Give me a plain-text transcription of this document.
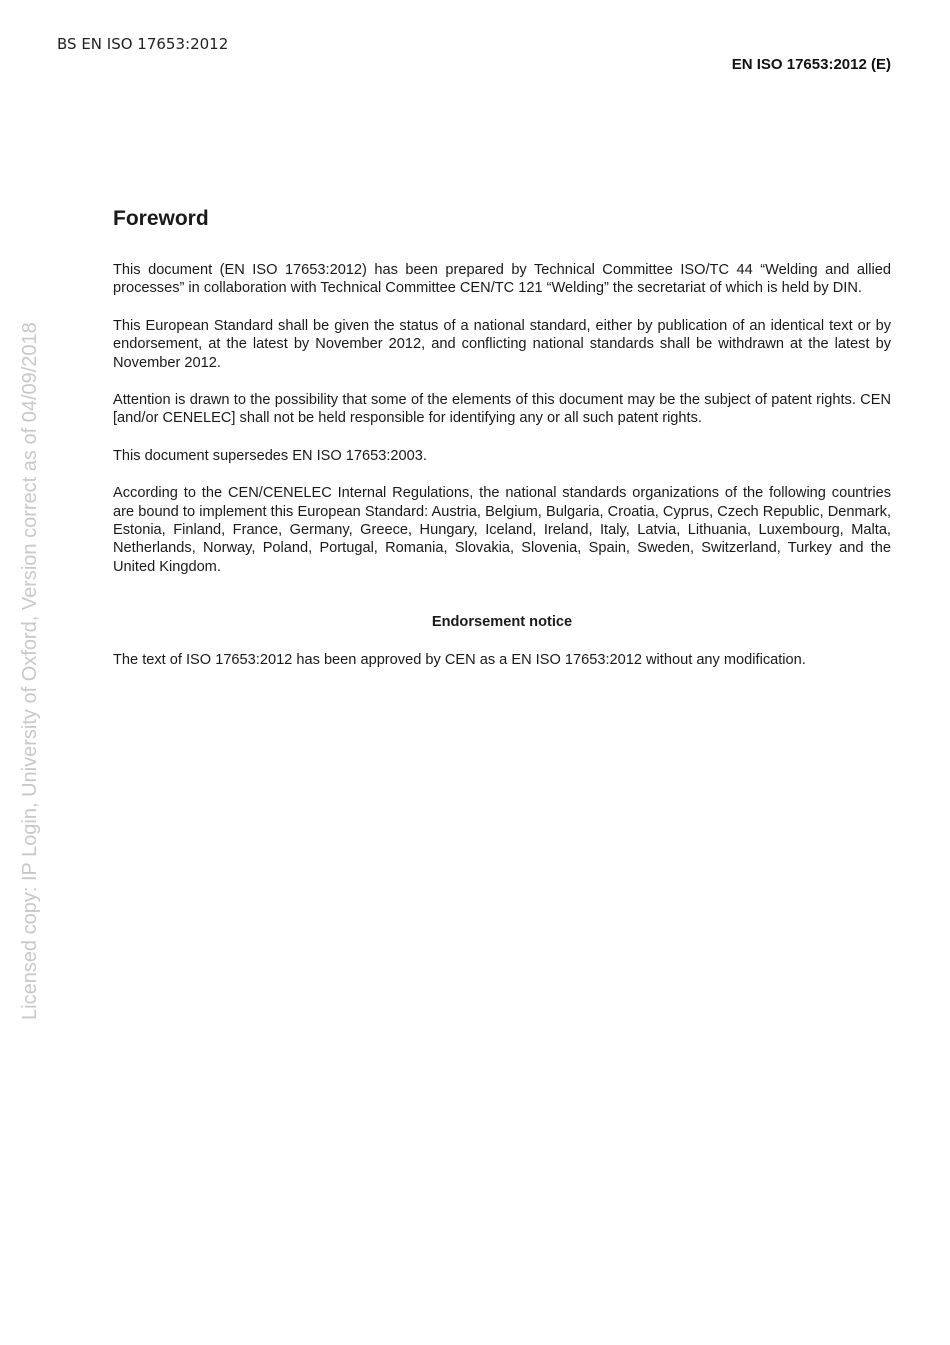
BS EN ISO 17653:2012
EN ISO 17653:2012 (E)
Licensed copy: IP Login, University of Oxford, Version correct as of 04/09/2018
Foreword

This document (EN ISO 17653:2012) has been prepared by Technical Committee ISO/TC 44 “Welding and allied processes” in collaboration with Technical Committee CEN/TC 121 “Welding” the secretariat of which is held by DIN.

This European Standard shall be given the status of a national standard, either by publication of an identical text or by endorsement, at the latest by November 2012, and conflicting national standards shall be withdrawn at the latest by November 2012.

Attention is drawn to the possibility that some of the elements of this document may be the subject of patent rights. CEN [and/or CENELEC] shall not be held responsible for identifying any or all such patent rights.

This document supersedes EN ISO 17653:2003.

According to the CEN/CENELEC Internal Regulations, the national standards organizations of the following countries are bound to implement this European Standard: Austria, Belgium, Bulgaria, Croatia, Cyprus, Czech Republic, Denmark, Estonia, Finland, France, Germany, Greece, Hungary, Iceland, Ireland, Italy, Latvia, Lithuania, Luxembourg, Malta, Netherlands, Norway, Poland, Portugal, Romania, Slovakia, Slovenia, Spain, Sweden, Switzerland, Turkey and the United Kingdom.

Endorsement notice

The text of ISO 17653:2012 has been approved by CEN as a EN ISO 17653:2012 without any modification.
